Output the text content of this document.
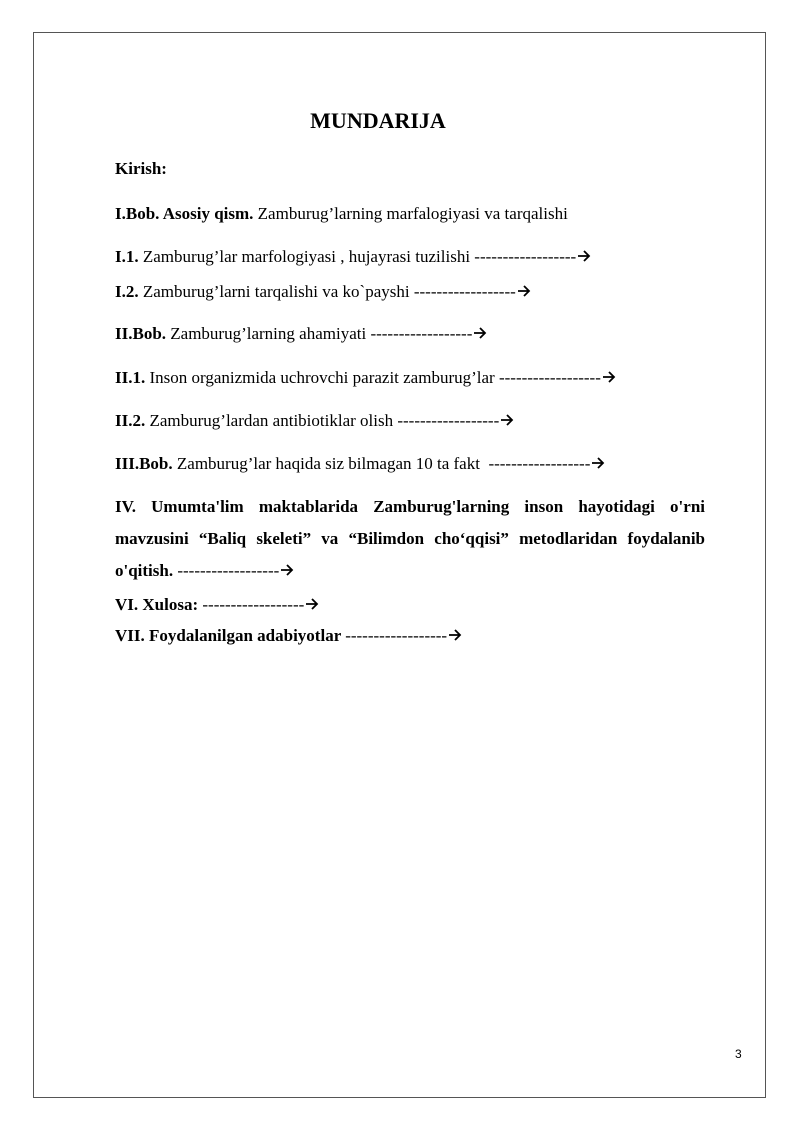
MUNDARIJA
Kirish:
I.Bob. Asosiy qism. Zamburug’larning marfalogiyasi va tarqalishi
I.1. Zamburug’lar marfologiyasi , hujayrasi tuzilishi ------------------
I.2. Zamburug’larni tarqalishi va ko`payshi ------------------
II.Bob. Zamburug’larning ahamiyati ------------------
II.1. Inson organizmida uchrovchi parazit zamburug’lar ------------------
II.2. Zamburug’lardan antibiotiklar olish ------------------
III.Bob. Zamburug’lar haqida siz bilmagan 10 ta fakt  ------------------
IV. Umumta'lim maktablarida Zamburug'larning inson hayotidagi o'rni mavzusini “Baliq skeleti” va “Bilimdon cho‘qqisi” metodlaridan foydalanib o'qitish. ------------------
VI. Xulosa: ------------------
VII. Foydalanilgan adabiyotlar ------------------
3
